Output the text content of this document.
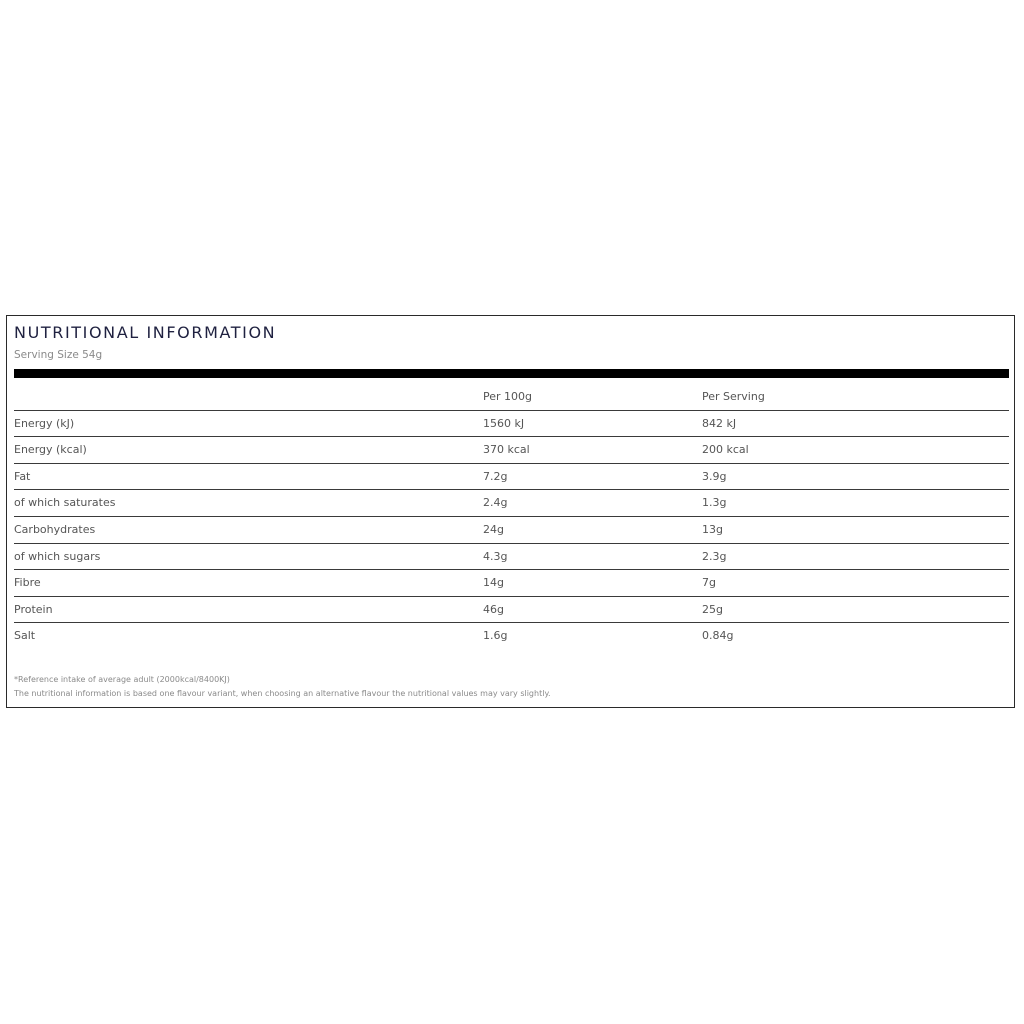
NUTRITIONAL INFORMATION
Serving Size 54g
Per 100g	Per Serving
Energy (kJ)	1560 kJ	842 kJ
Energy (kcal)	370 kcal	200 kcal
Fat	7.2g	3.9g
of which saturates	2.4g	1.3g
Carbohydrates	24g	13g
of which sugars	4.3g	2.3g
Fibre	14g	7g
Protein	46g	25g
Salt	1.6g	0.84g
*Reference intake of average adult (2000kcal/8400KJ)
The nutritional information is based one flavour variant, when choosing an alternative flavour the nutritional values may vary slightly.
